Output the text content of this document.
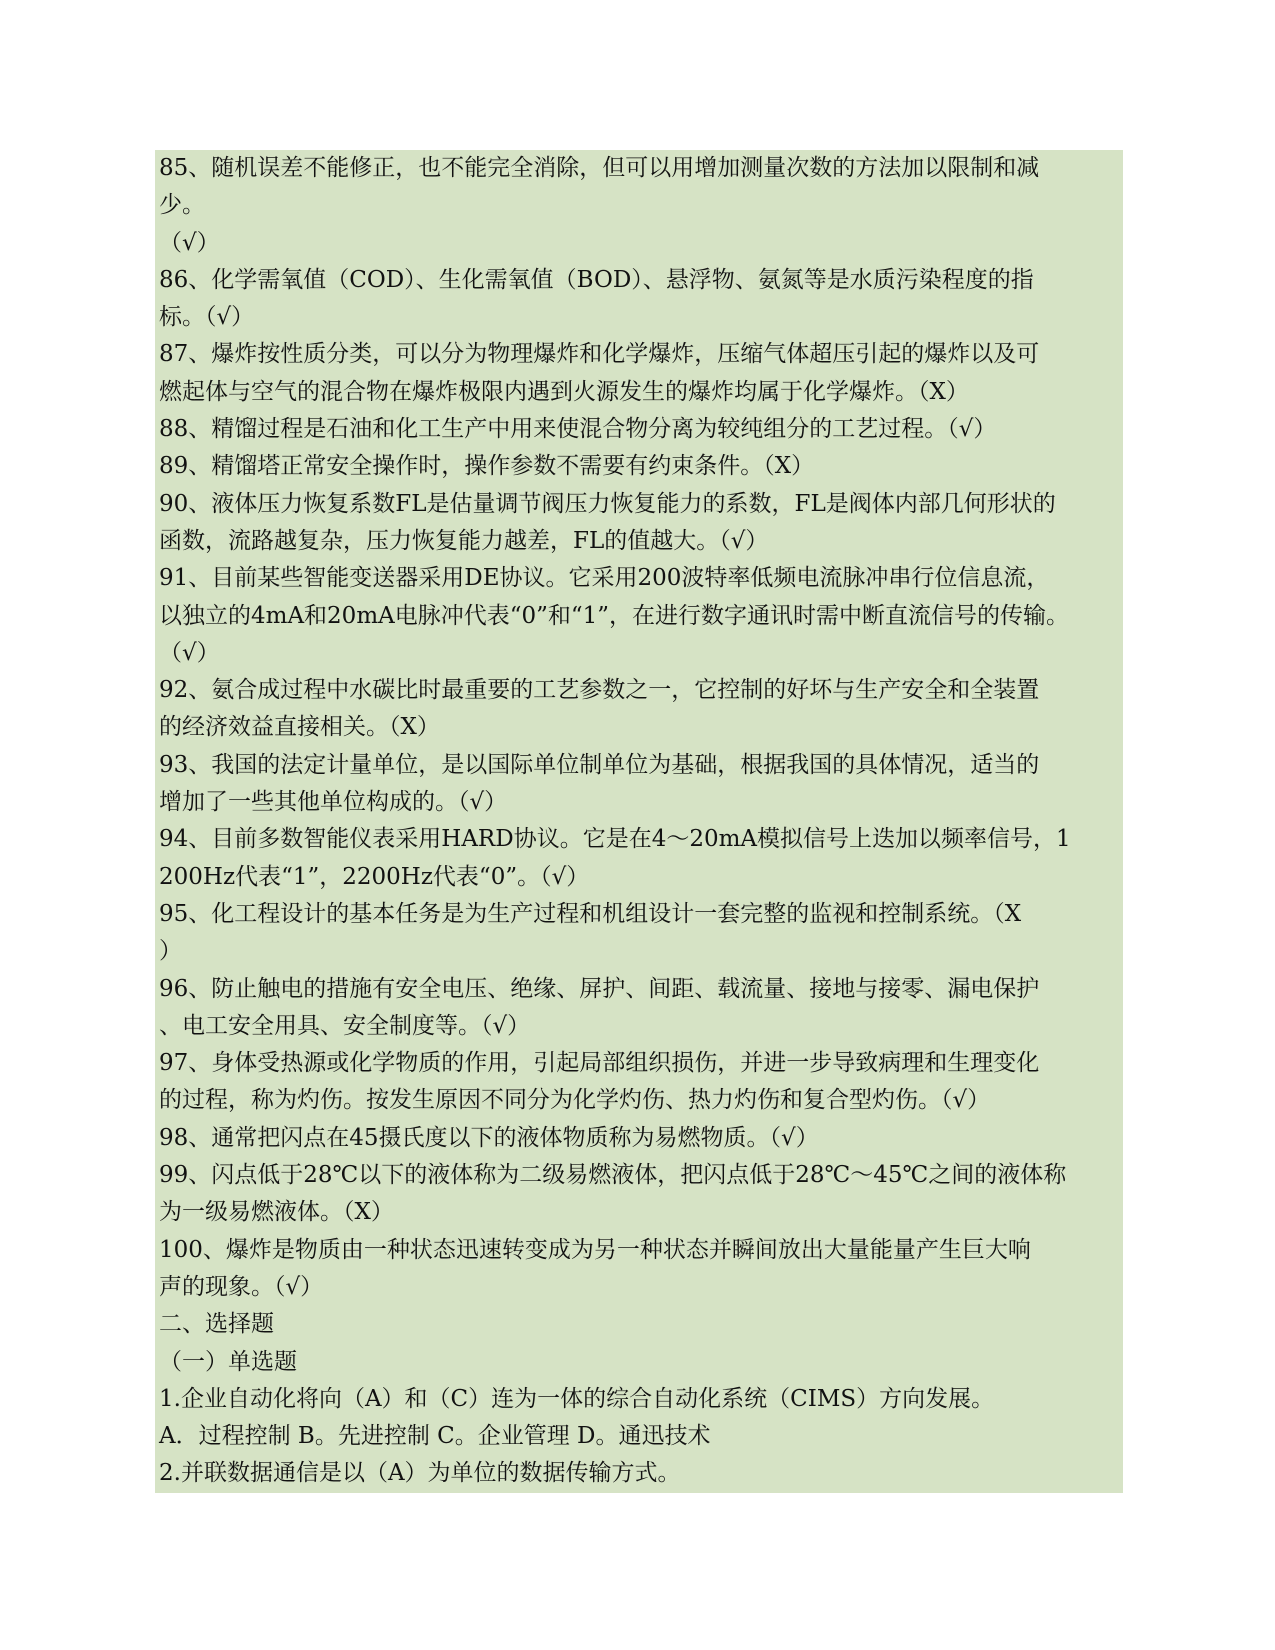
85、随机误差不能修正，也不能完全消除，但可以用增加测量次数的方法加以限制和减
少。
（√）
86、化学需氧值（COD）、生化需氧值（BOD）、悬浮物、氨氮等是水质污染程度的指
标。（√）
87、爆炸按性质分类，可以分为物理爆炸和化学爆炸，压缩气体超压引起的爆炸以及可
燃起体与空气的混合物在爆炸极限内遇到火源发生的爆炸均属于化学爆炸。（X）
88、精馏过程是石油和化工生产中用来使混合物分离为较纯组分的工艺过程。（√）
89、精馏塔正常安全操作时，操作参数不需要有约束条件。（X）
90、液体压力恢复系数FL是估量调节阀压力恢复能力的系数，FL是阀体内部几何形状的
函数，流路越复杂，压力恢复能力越差，FL的值越大。（√）
91、目前某些智能变送器采用DE协议。它采用200波特率低频电流脉冲串行位信息流，
以独立的4mA和20mA电脉冲代表“0”和“1”，在进行数字通讯时需中断直流信号的传输。
（√）
92、氨合成过程中水碳比时最重要的工艺参数之一，它控制的好坏与生产安全和全装置
的经济效益直接相关。（X）
93、我国的法定计量单位，是以国际单位制单位为基础，根据我国的具体情况，适当的
增加了一些其他单位构成的。（√）
94、目前多数智能仪表采用HARD协议。它是在4～20mA模拟信号上迭加以频率信号，1
200Hz代表“1”，2200Hz代表“0”。（√）
95、化工程设计的基本任务是为生产过程和机组设计一套完整的监视和控制系统。（X
）
96、防止触电的措施有安全电压、绝缘、屏护、间距、载流量、接地与接零、漏电保护
、电工安全用具、安全制度等。（√）
97、身体受热源或化学物质的作用，引起局部组织损伤，并进一步导致病理和生理变化
的过程，称为灼伤。按发生原因不同分为化学灼伤、热力灼伤和复合型灼伤。（√）
98、通常把闪点在45摄氏度以下的液体物质称为易燃物质。（√）
99、闪点低于28℃以下的液体称为二级易燃液体，把闪点低于28℃～45℃之间的液体称
为一级易燃液体。（X）
100、爆炸是物质由一种状态迅速转变成为另一种状态并瞬间放出大量能量产生巨大响
声的现象。（√）
二、选择题
（一）单选题
1.企业自动化将向（A）和（C）连为一体的综合自动化系统（CIMS）方向发展。
A．过程控制 B。先进控制 C。企业管理 D。通迅技术
2.并联数据通信是以（A）为单位的数据传输方式。
